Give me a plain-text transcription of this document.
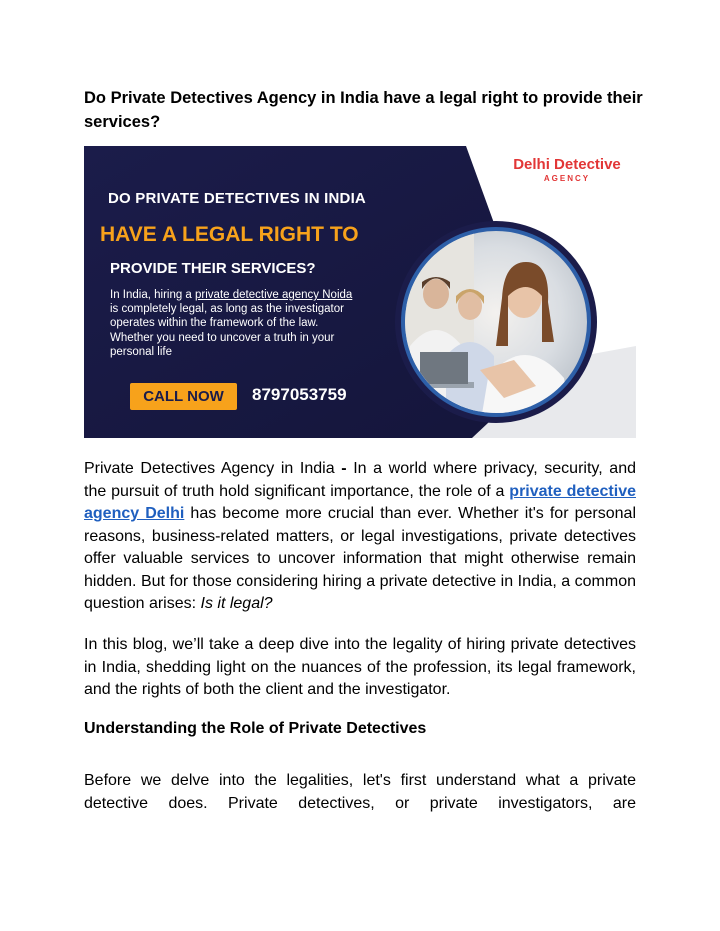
Do Private Detectives Agency in India have a legal right to provide their services?
Delhi Detective
AGENCY
DO PRIVATE DETECTIVES IN INDIA
HAVE A LEGAL RIGHT TO
PROVIDE THEIR SERVICES?
In India, hiring a private detective agency Noida is completely legal, as long as the investigator operates within the framework of the law. Whether you need to uncover a truth in your personal life
CALL NOW	8797053759

Private Detectives Agency in India - In a world where privacy, security, and the pursuit of truth hold significant importance, the role of a private detective agency Delhi has become more crucial than ever. Whether it's for personal reasons, business-related matters, or legal investigations, private detectives offer valuable services to uncover information that might otherwise remain hidden. But for those considering hiring a private detective in India, a common question arises: Is it legal?

In this blog, we’ll take a deep dive into the legality of hiring private detectives in India, shedding light on the nuances of the profession, its legal framework, and the rights of both the client and the investigator.

Understanding the Role of Private Detectives

Before we delve into the legalities, let's first understand what a private detective does. Private detectives, or private investigators, are
